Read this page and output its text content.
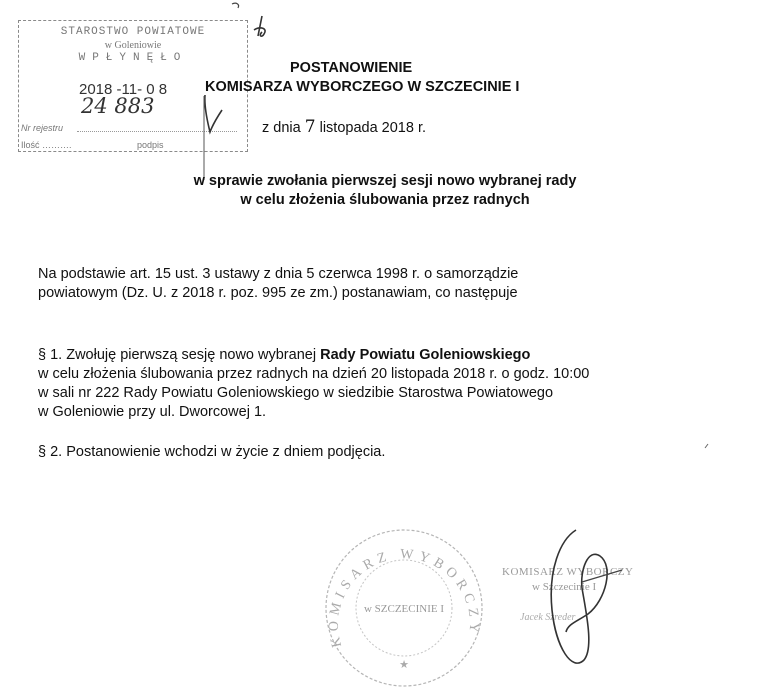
STAROSTWO POWIATOWE
w Goleniowie
WPŁYNĘŁO
2018 -11- 0 8
24 883
Nr rejestru
Ilość ……….	podpis
POSTANOWIENIE
KOMISARZA WYBORCZEGO W SZCZECINIE I
z dnia 7 listopada 2018 r.
w sprawie zwołania pierwszej sesji nowo wybranej rady
w celu złożenia ślubowania przez radnych

Na podstawie art. 15 ust. 3 ustawy z dnia 5 czerwca 1998 r. o samorządzie

powiatowym (Dz. U. z 2018 r. poz. 995 ze zm.) postanawiam, co następuje

§ 1. Zwołuję pierwszą sesję nowo wybranej Rady Powiatu Goleniowskiego

w celu złożenia ślubowania przez radnych na dzień 20 listopada 2018 r. o godz. 10:00

w sali nr 222 Rady Powiatu Goleniowskiego w siedzibie Starostwa Powiatowego

w Goleniowie przy ul. Dworcowej 1.

§ 2. Postanowienie wchodzi w życie z dniem podjęcia.

KOMISARZ WYBORCZY
w SZCZECINIE I
★
KOMISARZ WYBORCZY
w Szczecinie I
Jacek Szreder
